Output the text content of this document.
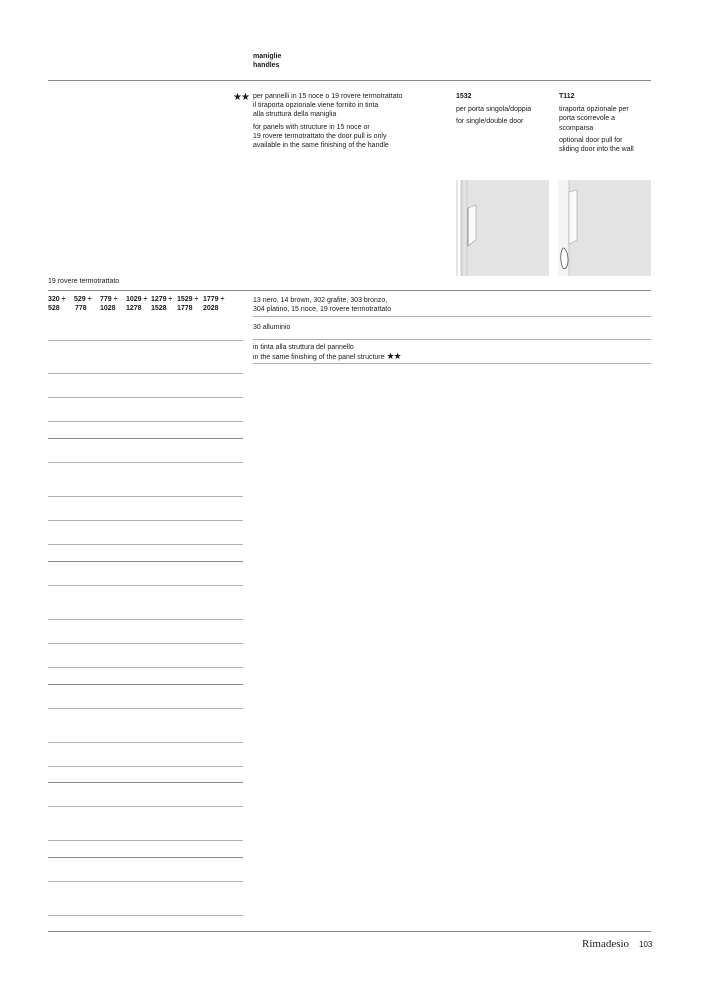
maniglie
handles
★★ per pannelli in 15 noce o 19 rovere termotrattato
il tiraporta opzionale viene fornito in tinta
alla struttura della maniglia
for panels with structure in 15 noce or
19 rovere termotrattato the door pull is only
available in the same finishing of the handle
1532
per porta singola/doppia
for single/double door
T112
tiraporta opzionale per
porta scorrevole a
scomparsa
optional door pull for
sliding door into the wall
19 rovere termotrattato
320 ÷
528
529 ÷
778
779 ÷
1028
1029 ÷
1278
1279 ÷
1528
1529 ÷
1778
1779 ÷
2028
13 nero, 14 brown, 302 grafite, 303 bronzo,
304 platino, 15 noce, 19 rovere termotrattato
30 alluminio
in tinta alla struttura del pannello
in the same finishing of the panel structure ★★
Rimadesio 103
